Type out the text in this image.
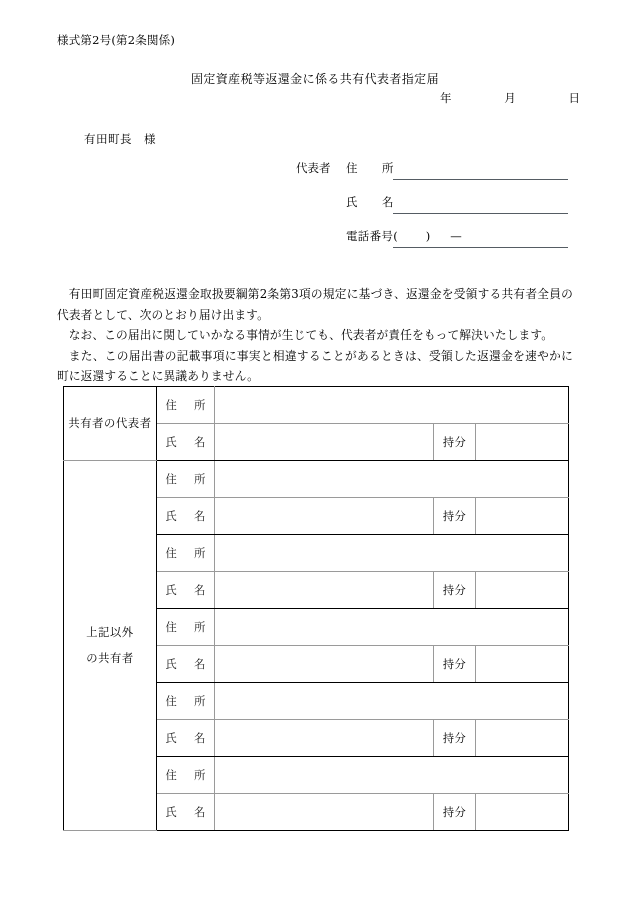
様式第2号(第2条関係)
固定資産税等返還金に係る共有代表者指定届
年	月	日
有田町長　様
代表者 住　　所
氏　　名
電話番号( ) —

有田町固定資産税返還金取扱要綱第2条第3項の規定に基づき、返還金を受領する共有者全員の代表者として、次のとおり届け出ます。

なお、この届出に関していかなる事情が生じても、代表者が責任をもって解決いたします。

また、この届出書の記載事項に事実と相違することがあるときは、受領した返還金を速やかに町に返還することに異議ありません。

共有者の代表者	住　所			
	氏　名		持分	

上記以外
の共有者	住　所			
	氏　名		持分	
	住　所			
	氏　名		持分	
	住　所			
	氏　名		持分	
	住　所			
	氏　名		持分	
	住　所			
	氏　名		持分	
